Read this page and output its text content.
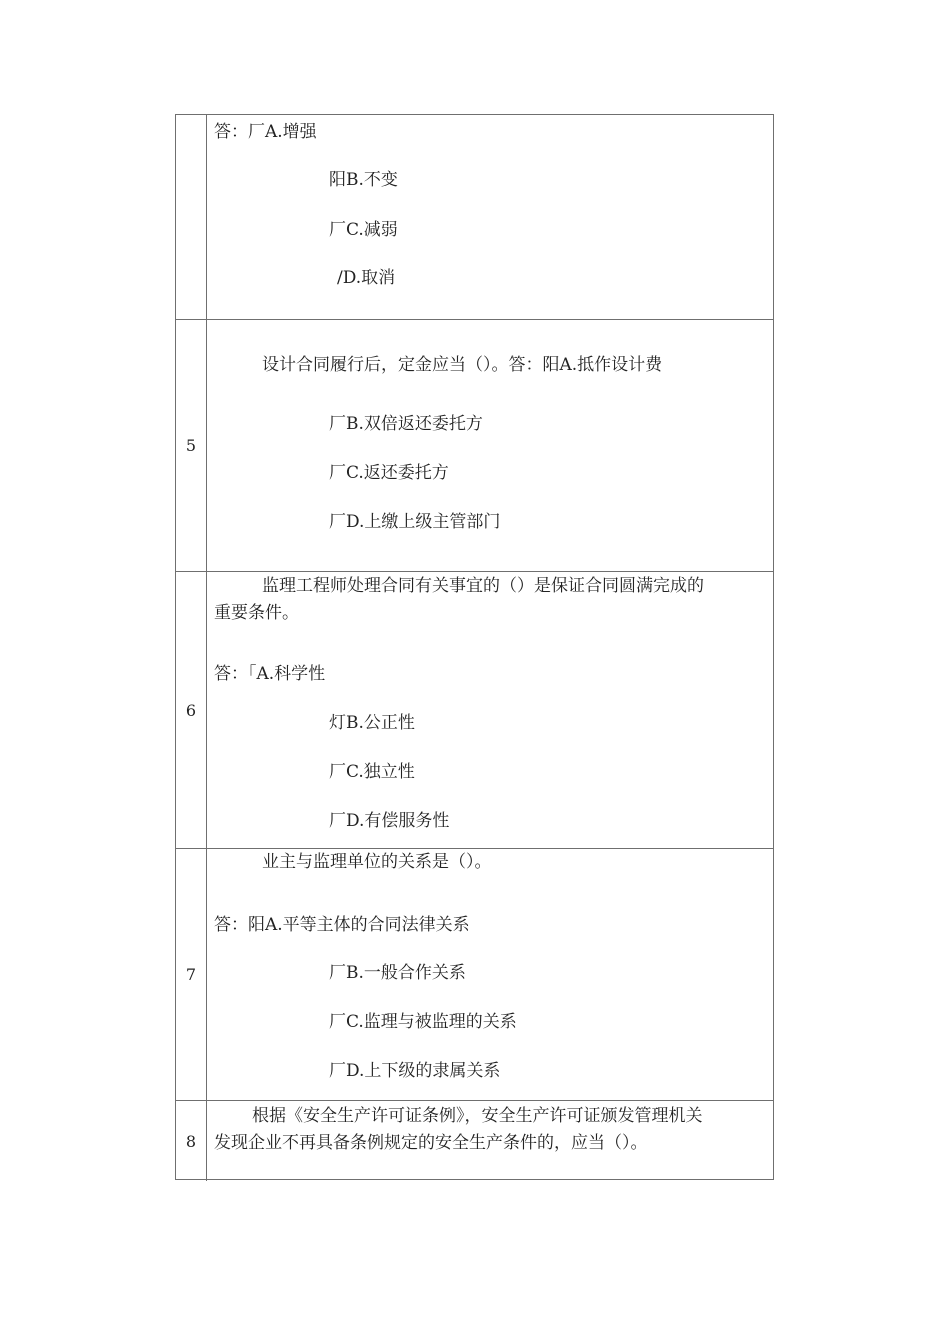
答：厂A.增强
阳B.不变
厂C.减弱
/D.取消
5
设计合同履行后，定金应当（）。答：阳A.抵作设计费
厂B.双倍返还委托方
厂C.返还委托方
厂D.上缴上级主管部门
6
监理工程师处理合同有关事宜的（）是保证合同圆满完成的
重要条件。
答：「A.科学性
灯B.公正性
厂C.独立性
厂D.有偿服务性
7
业主与监理单位的关系是（）。
答：阳A.平等主体的合同法律关系
厂B.一般合作关系
厂C.监理与被监理的关系
厂D.上下级的隶属关系
8
根据《安全生产许可证条例》，安全生产许可证颁发管理机关
发现企业不再具备条例规定的安全生产条件的，应当（）。
